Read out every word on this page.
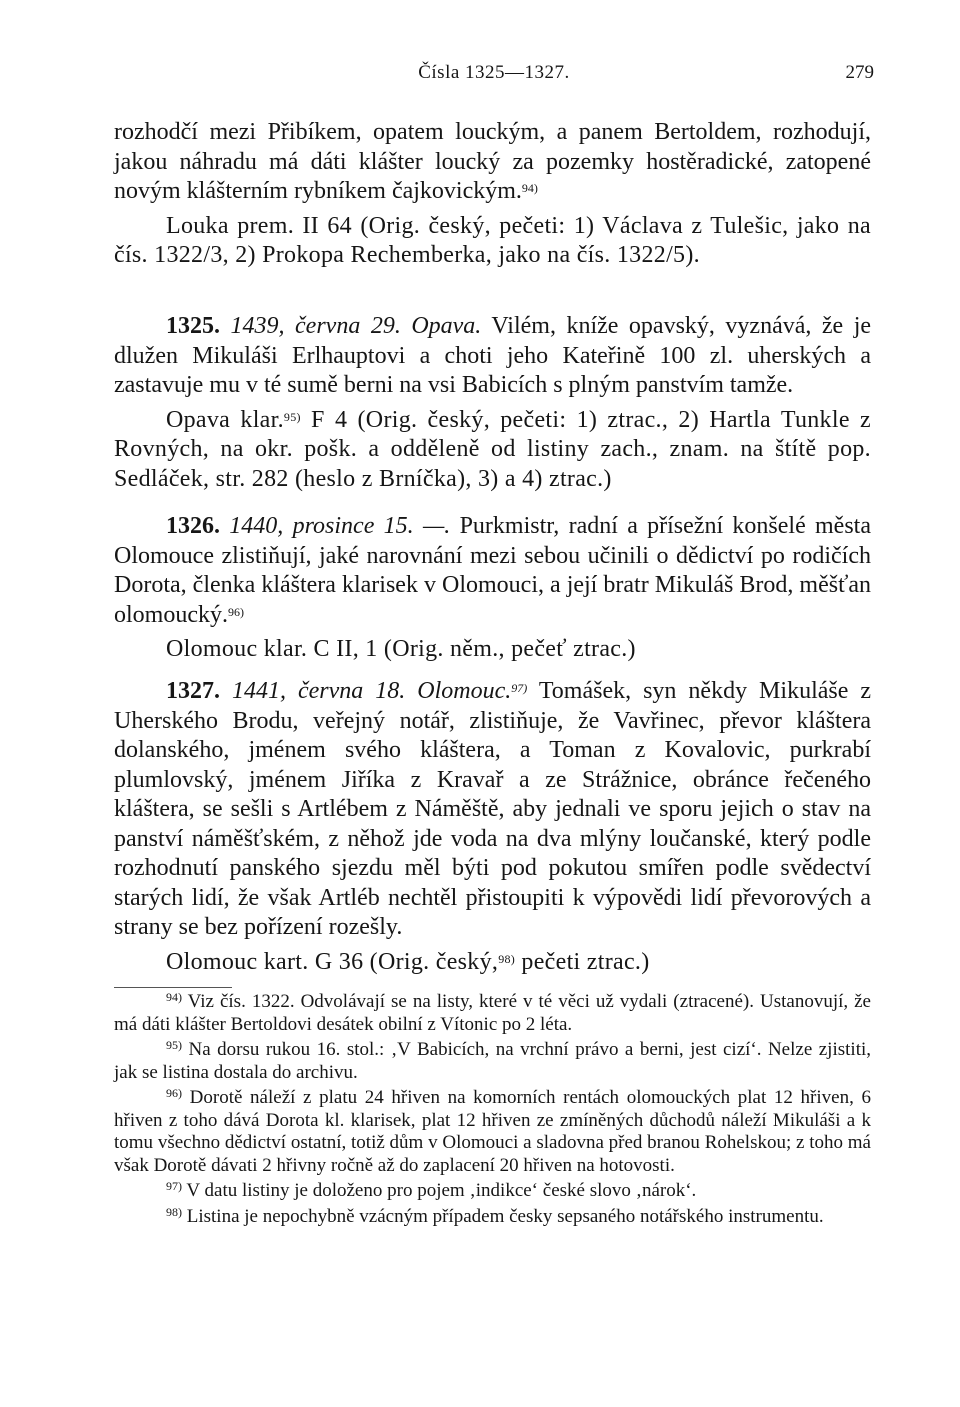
Čísla 1325—1327.	279

rozhodčí mezi Přibíkem, opatem louckým, a panem Bertoldem, rozhodují, jakou náhradu má dáti klášter loucký za pozemky hostěradické, zatopené novým klášterním rybníkem čajkovickým.$^{94)}$

Louka prem. II 64 (Orig. český, pečeti: 1) Václava z Tulešic, jako na čís. 1322/3, 2) Prokopa Rechemberka, jako na čís. 1322/5).

1325. 1439, června 29. Opava. Vilém, kníže opavský, vyznává, že je dlužen Mikuláši Erlhauptovi a choti jeho Kateřině 100 zl. uherských a zastavuje mu v té sumě berni na vsi Babicích s plným panstvím tamže.

Opava klar.$^{95)}$ F 4 (Orig. český, pečeti: 1) ztrac., 2) Hartla Tunkle z Rovných, na okr. pošk. a odděleně od listiny zach., znam. na štítě pop. Sedláček, str. 282 (heslo z Brníčka), 3) a 4) ztrac.)

1326. 1440, prosince 15. —. Purkmistr, radní a přísežní konšelé města Olomouce zlistiňují, jaké narovnání mezi sebou učinili o dědictví po rodičích Dorota, členka kláštera klarisek v Olomouci, a její bratr Mikuláš Brod, měšťan olomoucký.$^{96)}$

Olomouc klar. C II, 1 (Orig. něm., pečeť ztrac.)

1327. 1441, června 18. Olomouc.$^{97)}$ Tomášek, syn někdy Mikuláše z Uherského Brodu, veřejný notář, zlistiňuje, že Vavřinec, převor kláštera dolanského, jménem svého kláštera, a Toman z Kovalovic, purkrabí plumlovský, jménem Jiříka z Kravař a ze Strážnice, obránce řečeného kláštera, se sešli s Artlébem z Náměště, aby jednali ve sporu jejich o stav na panství náměšťském, z něhož jde voda na dva mlýny loučanské, který podle rozhodnutí panského sjezdu měl býti pod pokutou smířen podle svědectví starých lidí, že však Artléb nechtěl přistoupiti k výpovědi lidí převorových a strany se bez pořízení rozešly.

Olomouc kart. G 36 (Orig. český,$^{98)}$ pečeti ztrac.)

$^{94)}$ Viz čís. 1322. Odvolávají se na listy, které v té věci už vydali (ztracené). Ustanovují, že má dáti klášter Bertoldovi desátek obilní z Vítonic po 2 léta.

$^{95)}$ Na dorsu rukou 16. stol.: ‚V Babicích, na vrchní právo a berni, jest cizí‘. Nelze zjistiti, jak se listina dostala do archivu.

$^{96)}$ Dorotě náleží z platu 24 hřiven na komorních rentách olomouckých plat 12 hřiven, 6 hřiven z toho dává Dorota kl. klarisek, plat 12 hřiven ze zmíněných důchodů náleží Mikuláši a k tomu všechno dědictví ostatní, totiž dům v Olomouci a sladovna před branou Rohelskou; z toho má však Dorotě dávati 2 hřivny ročně až do zaplacení 20 hřiven na hotovosti.

$^{97)}$ V datu listiny je doloženo pro pojem ‚indikce‘ české slovo ‚nárok‘.

$^{98)}$ Listina je nepochybně vzácným případem česky sepsaného notářského instrumentu.
